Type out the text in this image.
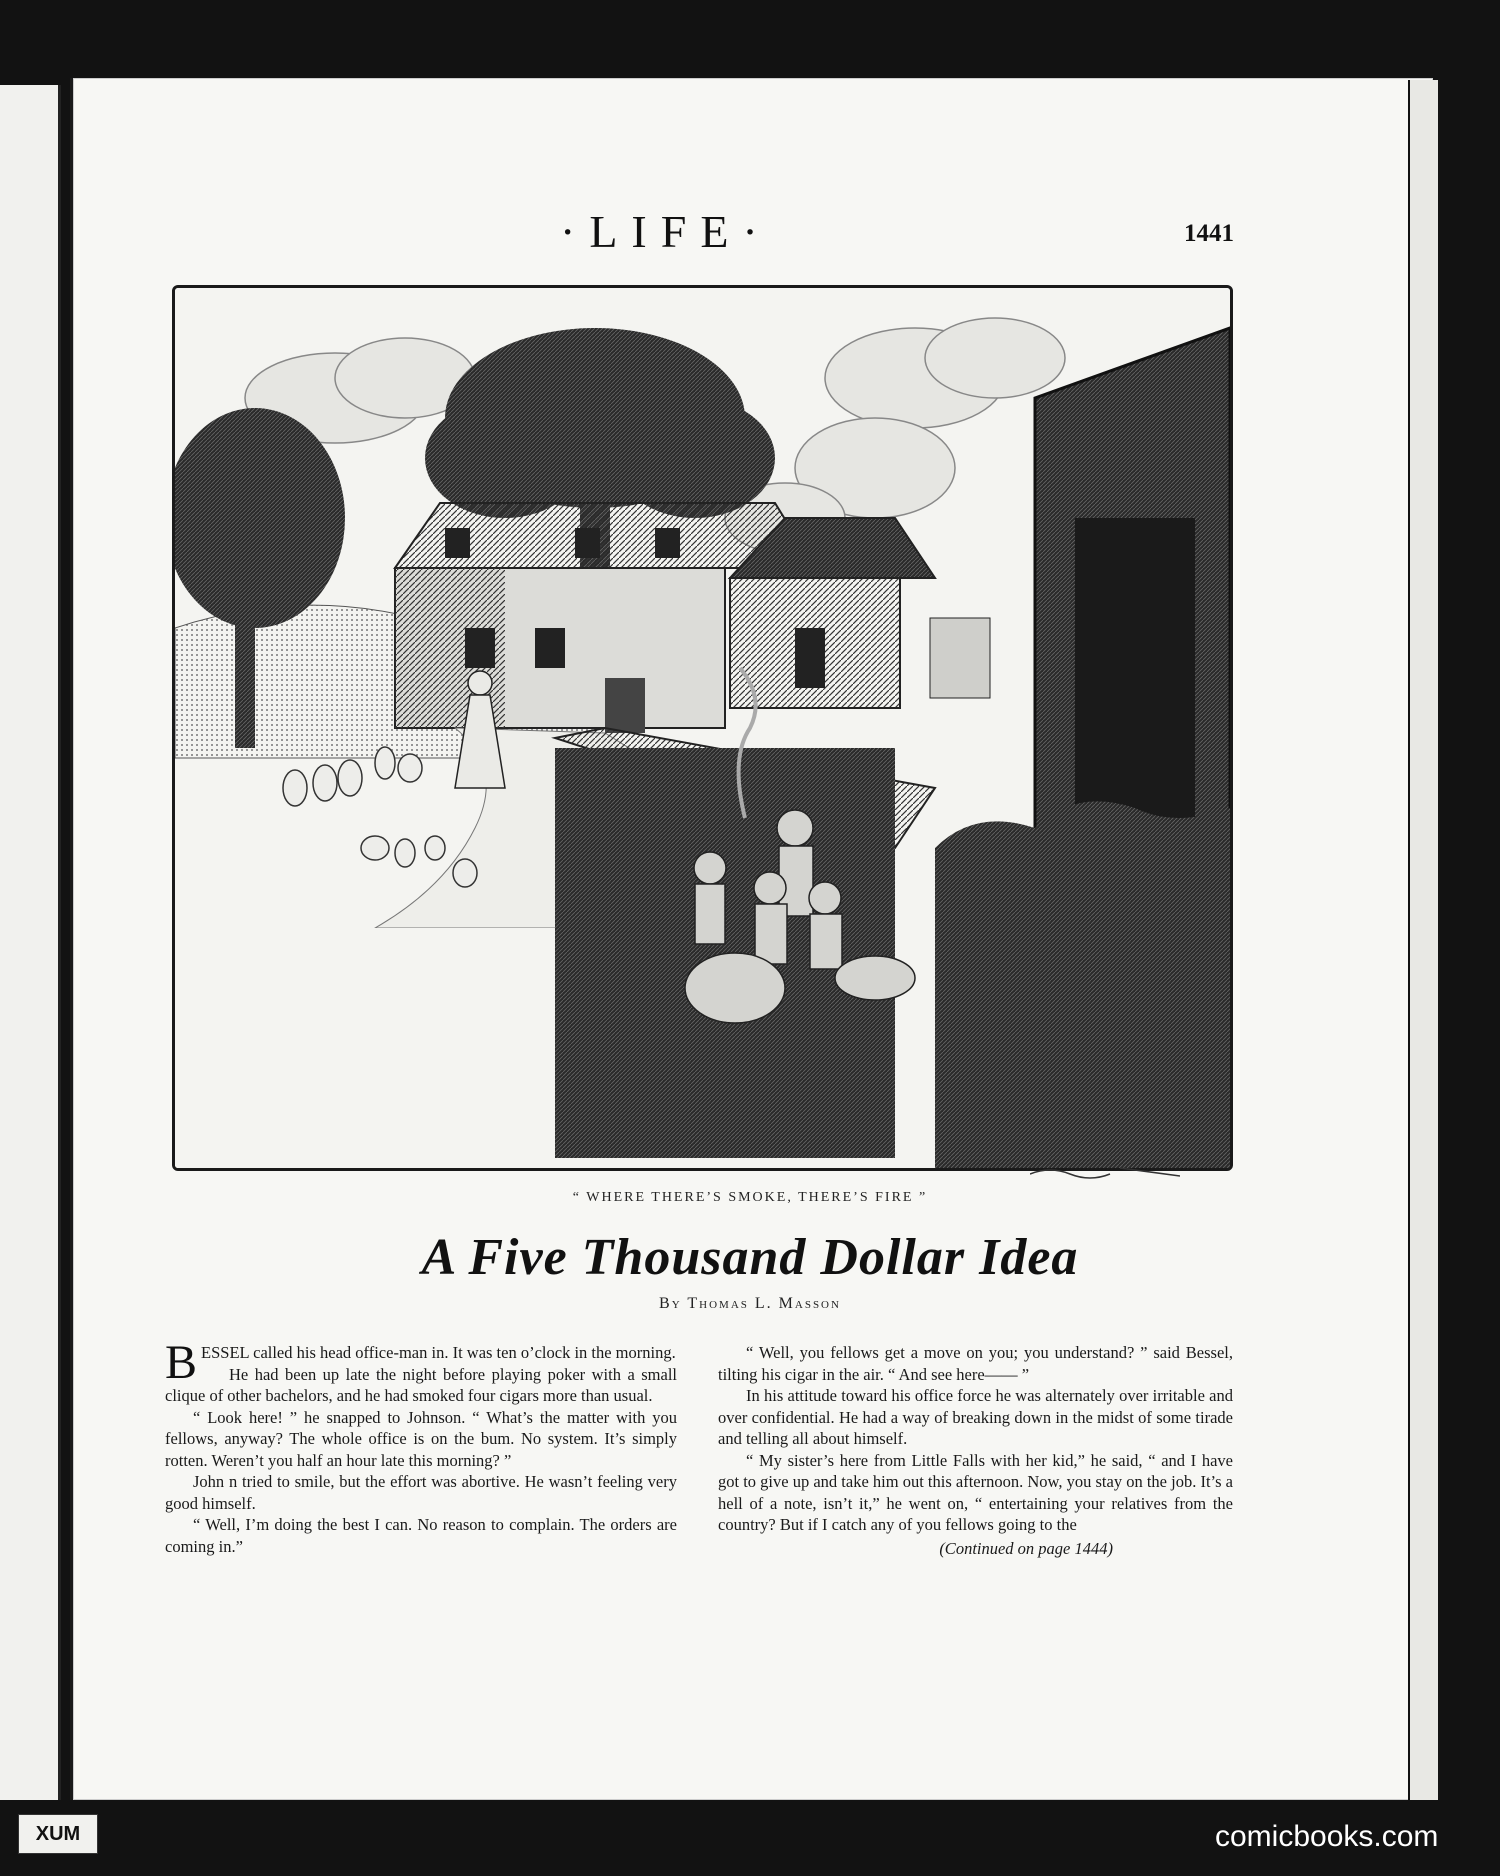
·LIFE·	1441
“ WHERE THERE’S SMOKE, THERE’S FIRE ”
A Five Thousand Dollar Idea
By Thomas L. Masson

BESSEL called his head office-man in. It was ten o’clock in the morning.

He had been up late the night before playing poker with a small clique of other bachelors, and he had smoked four cigars more than usual.

“ Look here! ” he snapped to Johnson. “ What’s the matter with you fellows, anyway? The whole office is on the bum. No system. It’s simply rotten. Weren’t you half an hour late this morning? ”

John n tried to smile, but the effort was abortive. He wasn’t feeling very good himself.

“ Well, I’m doing the best I can. No reason to complain. The orders are coming in.”

“ Well, you fellows get a move on you; you understand? ” said Bessel, tilting his cigar in the air. “ And see here—— ”

In his attitude toward his office force he was alternately over irritable and over confidential. He had a way of breaking down in the midst of some tirade and telling all about himself.

“ My sister’s here from Little Falls with her kid,” he said, “ and I have got to give up and take him out this afternoon. Now, you stay on the job. It’s a hell of a note, isn’t it,” he went on, “ entertaining your relatives from the country? But if I catch any of you fellows going to the

(Continued on page 1444)
XUM	comicbooks.com
